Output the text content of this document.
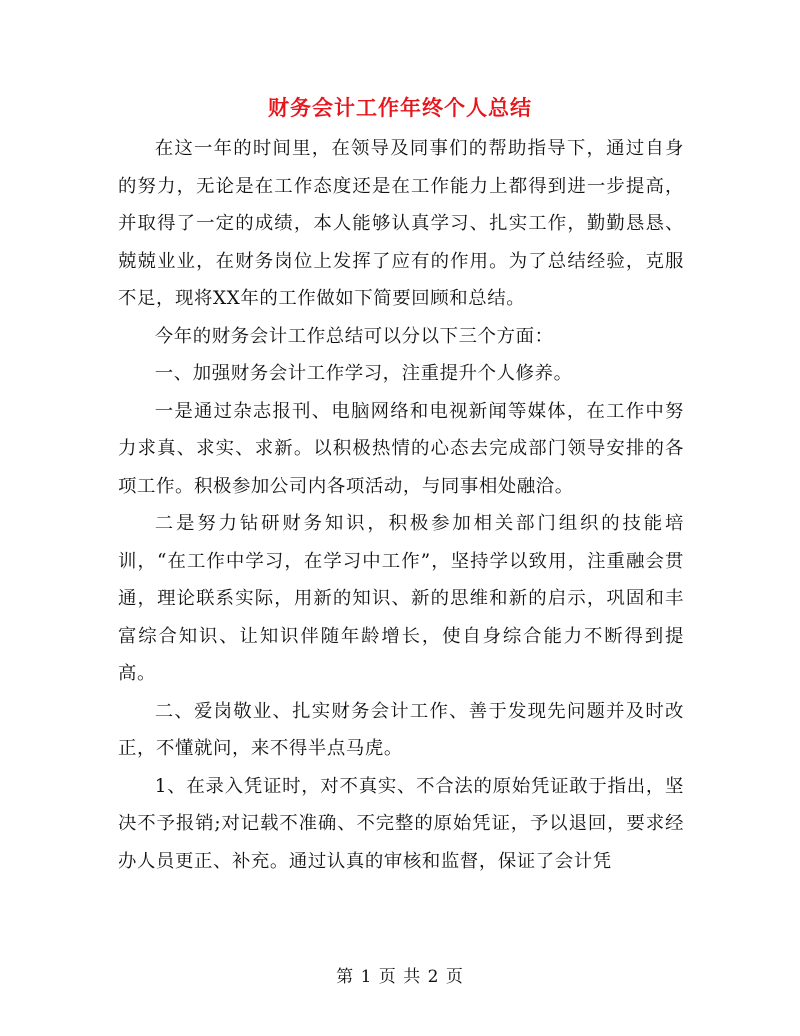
财务会计工作年终个人总结

在这一年的时间里，在领导及同事们的帮助指导下，通过自身的努力，无论是在工作态度还是在工作能力上都得到进一步提高，并取得了一定的成绩，本人能够认真学习、扎实工作，勤勤恳恳、兢兢业业，在财务岗位上发挥了应有的作用。为了总结经验，克服不足，现将XX年的工作做如下简要回顾和总结。

今年的财务会计工作总结可以分以下三个方面：

一、加强财务会计工作学习，注重提升个人修养。

一是通过杂志报刊、电脑网络和电视新闻等媒体，在工作中努力求真、求实、求新。以积极热情的心态去完成部门领导安排的各项工作。积极参加公司内各项活动，与同事相处融洽。

二是努力钻研财务知识，积极参加相关部门组织的技能培训，“在工作中学习，在学习中工作”，坚持学以致用，注重融会贯通，理论联系实际，用新的知识、新的思维和新的启示，巩固和丰富综合知识、让知识伴随年龄增长，使自身综合能力不断得到提高。

二、爱岗敬业、扎实财务会计工作、善于发现先问题并及时改正，不懂就问，来不得半点马虎。

1、在录入凭证时，对不真实、不合法的原始凭证敢于指出，坚决不予报销;对记载不准确、不完整的原始凭证，予以退回，要求经办人员更正、补充。通过认真的审核和监督，保证了会计凭

第 1 页 共 2 页
